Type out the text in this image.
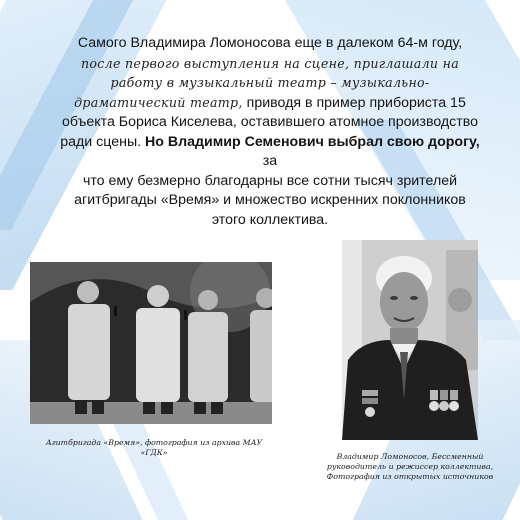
Самого Владимира Ломоносова еще в далеком 64-м году,
после первого выступления на сцене, приглашали на
работу в музыкальный театр – музыкально-
драматический театр, приводя в пример прибориста 15
объекта Бориса Киселева, оставившего атомное производство
ради сцены. Но Владимир Семенович выбрал свою дорогу, за
что ему безмерно благодарны все сотни тысяч зрителей
агитбригады «Время» и множество искренних поклонников
этого коллектива.
Агитбригада «Время», фотография из архива МАУ «ГДК»	Владимир Ломоносов, Бессменный
руководитель и режиссер коллектива,
Фотография из открытых источников
